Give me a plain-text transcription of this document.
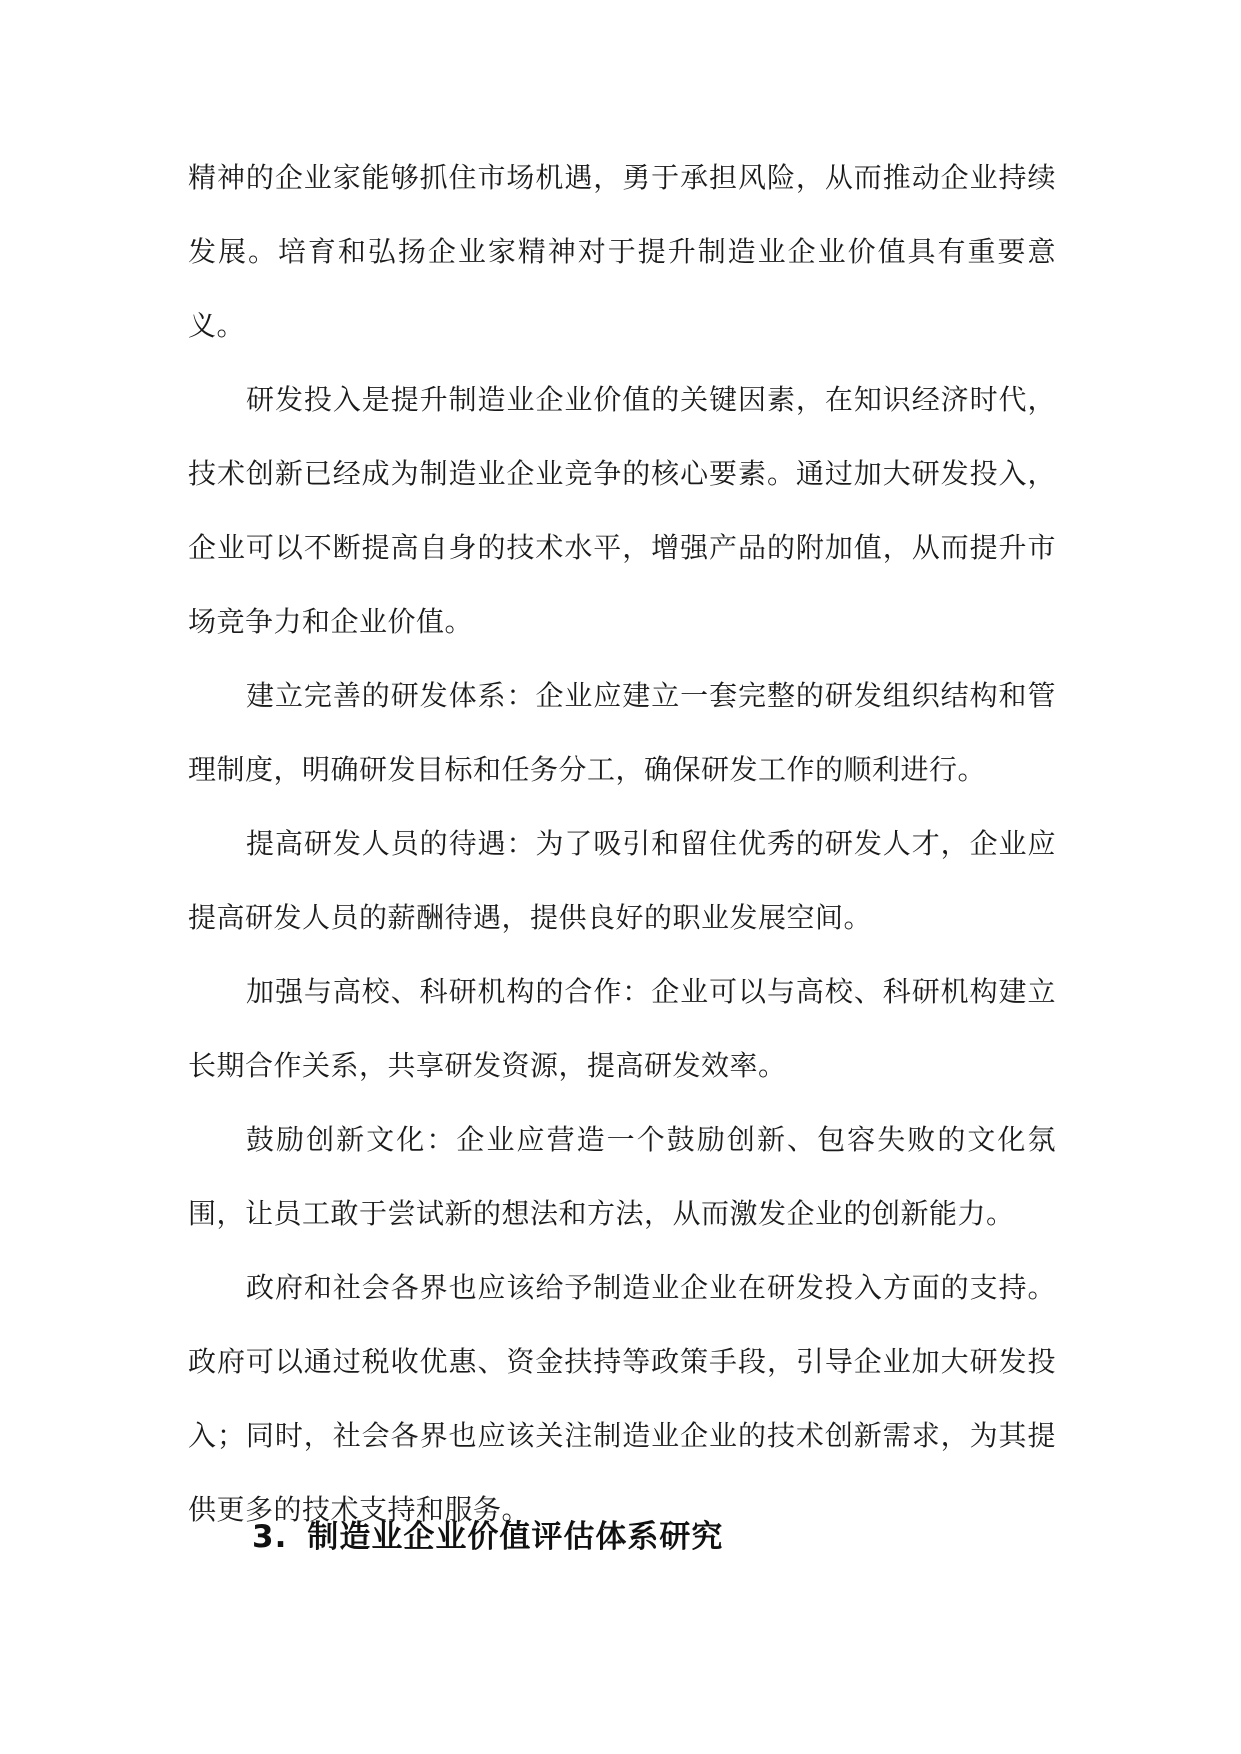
精神的企业家能够抓住市场机遇，勇于承担风险，从而推动企业持续发展。培育和弘扬企业家精神对于提升制造业企业价值具有重要意义。

研发投入是提升制造业企业价值的关键因素，在知识经济时代，技术创新已经成为制造业企业竞争的核心要素。通过加大研发投入，企业可以不断提高自身的技术水平，增强产品的附加值，从而提升市场竞争力和企业价值。

建立完善的研发体系：企业应建立一套完整的研发组织结构和管理制度，明确研发目标和任务分工，确保研发工作的顺利进行。

提高研发人员的待遇：为了吸引和留住优秀的研发人才，企业应提高研发人员的薪酬待遇，提供良好的职业发展空间。

加强与高校、科研机构的合作：企业可以与高校、科研机构建立长期合作关系，共享研发资源，提高研发效率。

鼓励创新文化：企业应营造一个鼓励创新、包容失败的文化氛围，让员工敢于尝试新的想法和方法，从而激发企业的创新能力。

政府和社会各界也应该给予制造业企业在研发投入方面的支持。政府可以通过税收优惠、资金扶持等政策手段，引导企业加大研发投入；同时，社会各界也应该关注制造业企业的技术创新需求，为其提供更多的技术支持和服务。

3. 制造业企业价值评估体系研究
